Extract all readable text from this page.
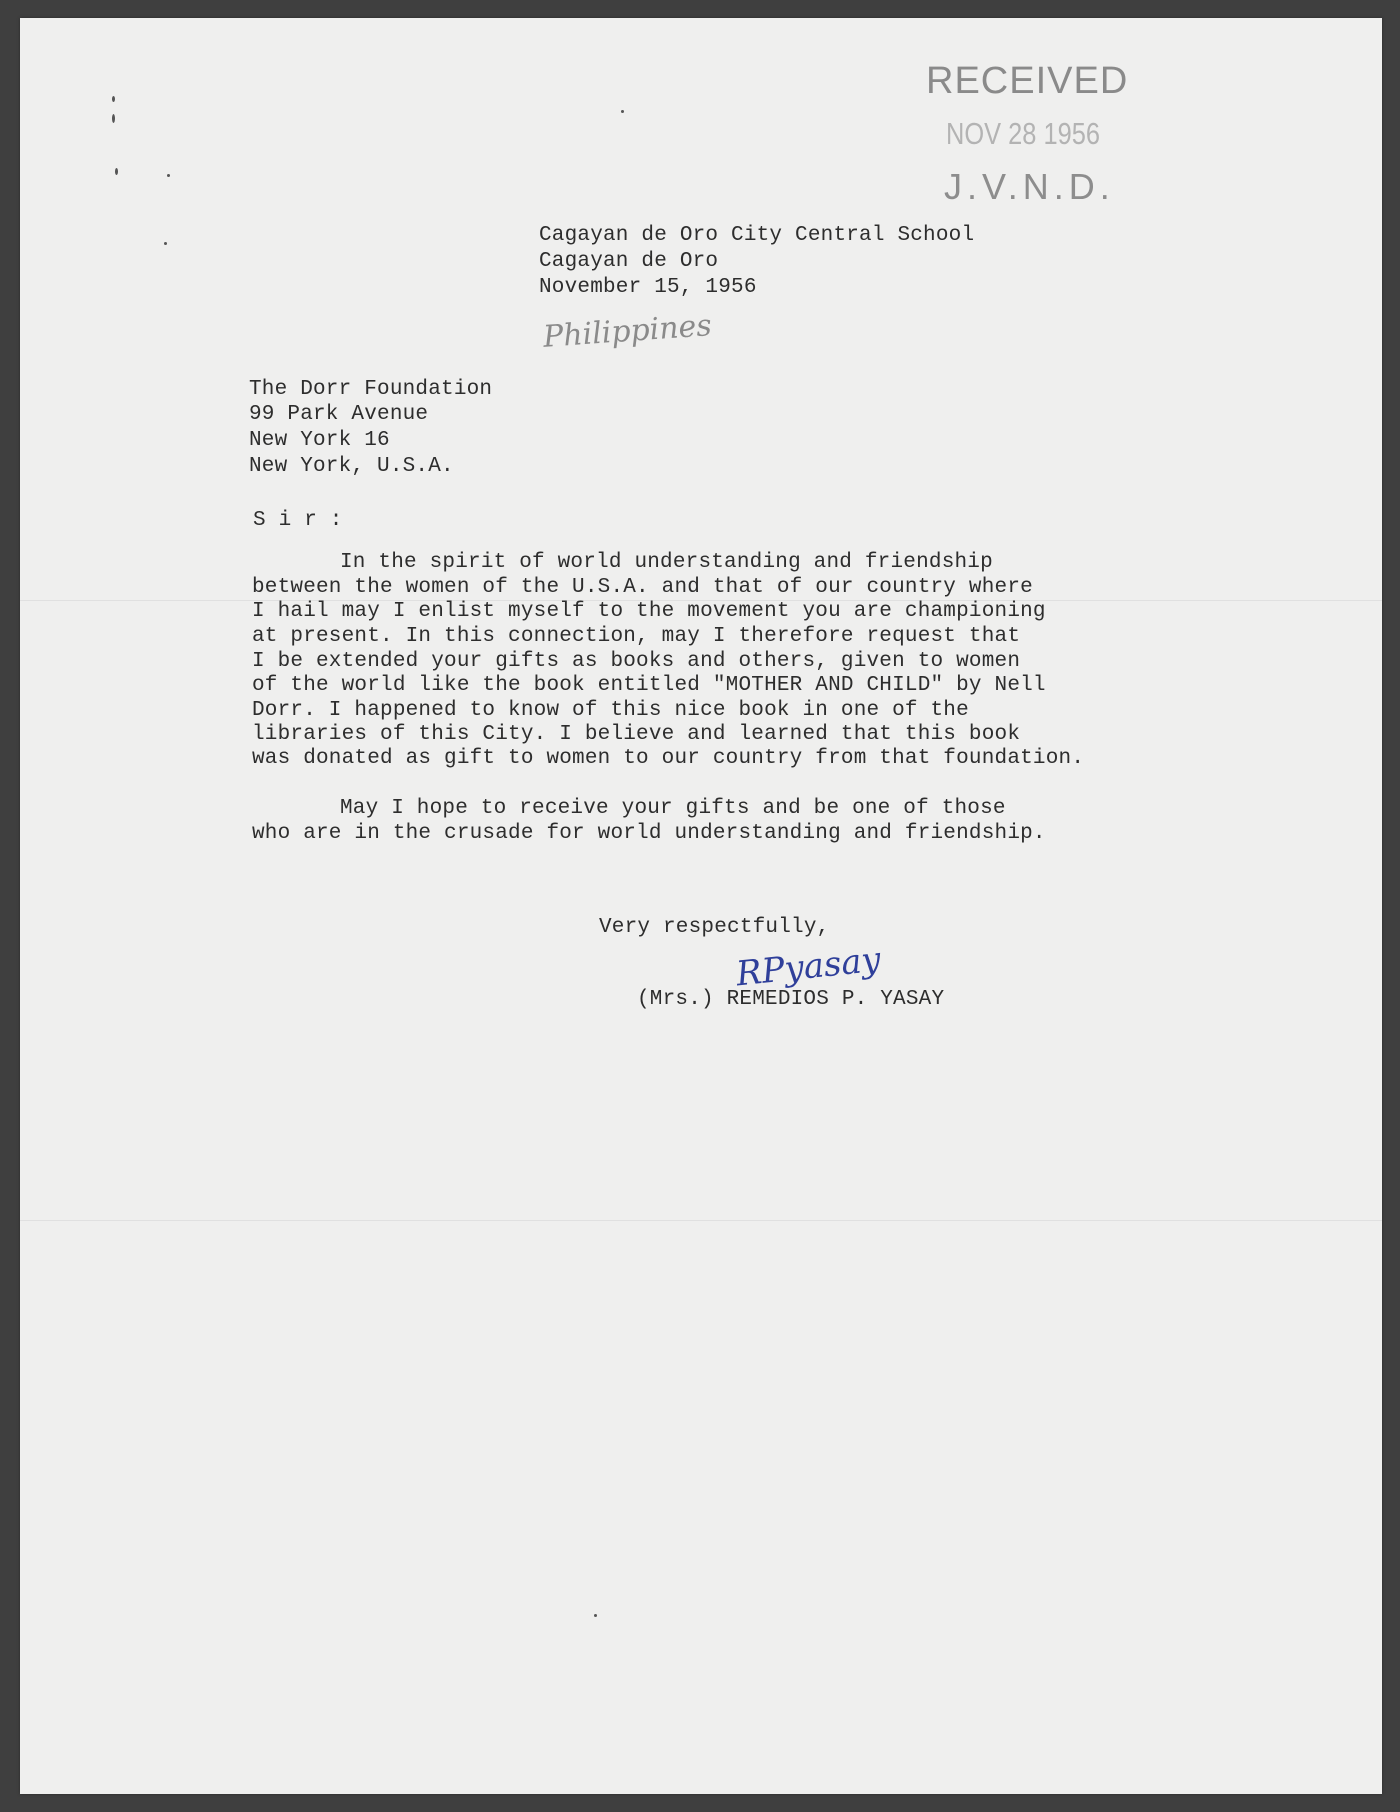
RECEIVED
NOV 28 1956
J.V.N.D.
Cagayan de Oro City Central School
Cagayan de Oro
November 15, 1956
Philippines
The Dorr Foundation
99 Park Avenue
New York 16
New York, U.S.A.
S i r :
In the spirit of world understanding and friendship
between the women of the U.S.A. and that of our country where
I hail may I enlist myself to the movement you are championing
at present. In this connection, may I therefore request that
I be extended your gifts as books and others, given to women
of the world like the book entitled "MOTHER AND CHILD" by Nell
Dorr. I happened to know of this nice book in one of the
libraries of this City. I believe and learned that this book
was donated as gift to women to our country from that foundation.
May I hope to receive your gifts and be one of those
who are in the crusade for world understanding and friendship.
Very respectfully,
RPyasay
(Mrs.) REMEDIOS P. YASAY
